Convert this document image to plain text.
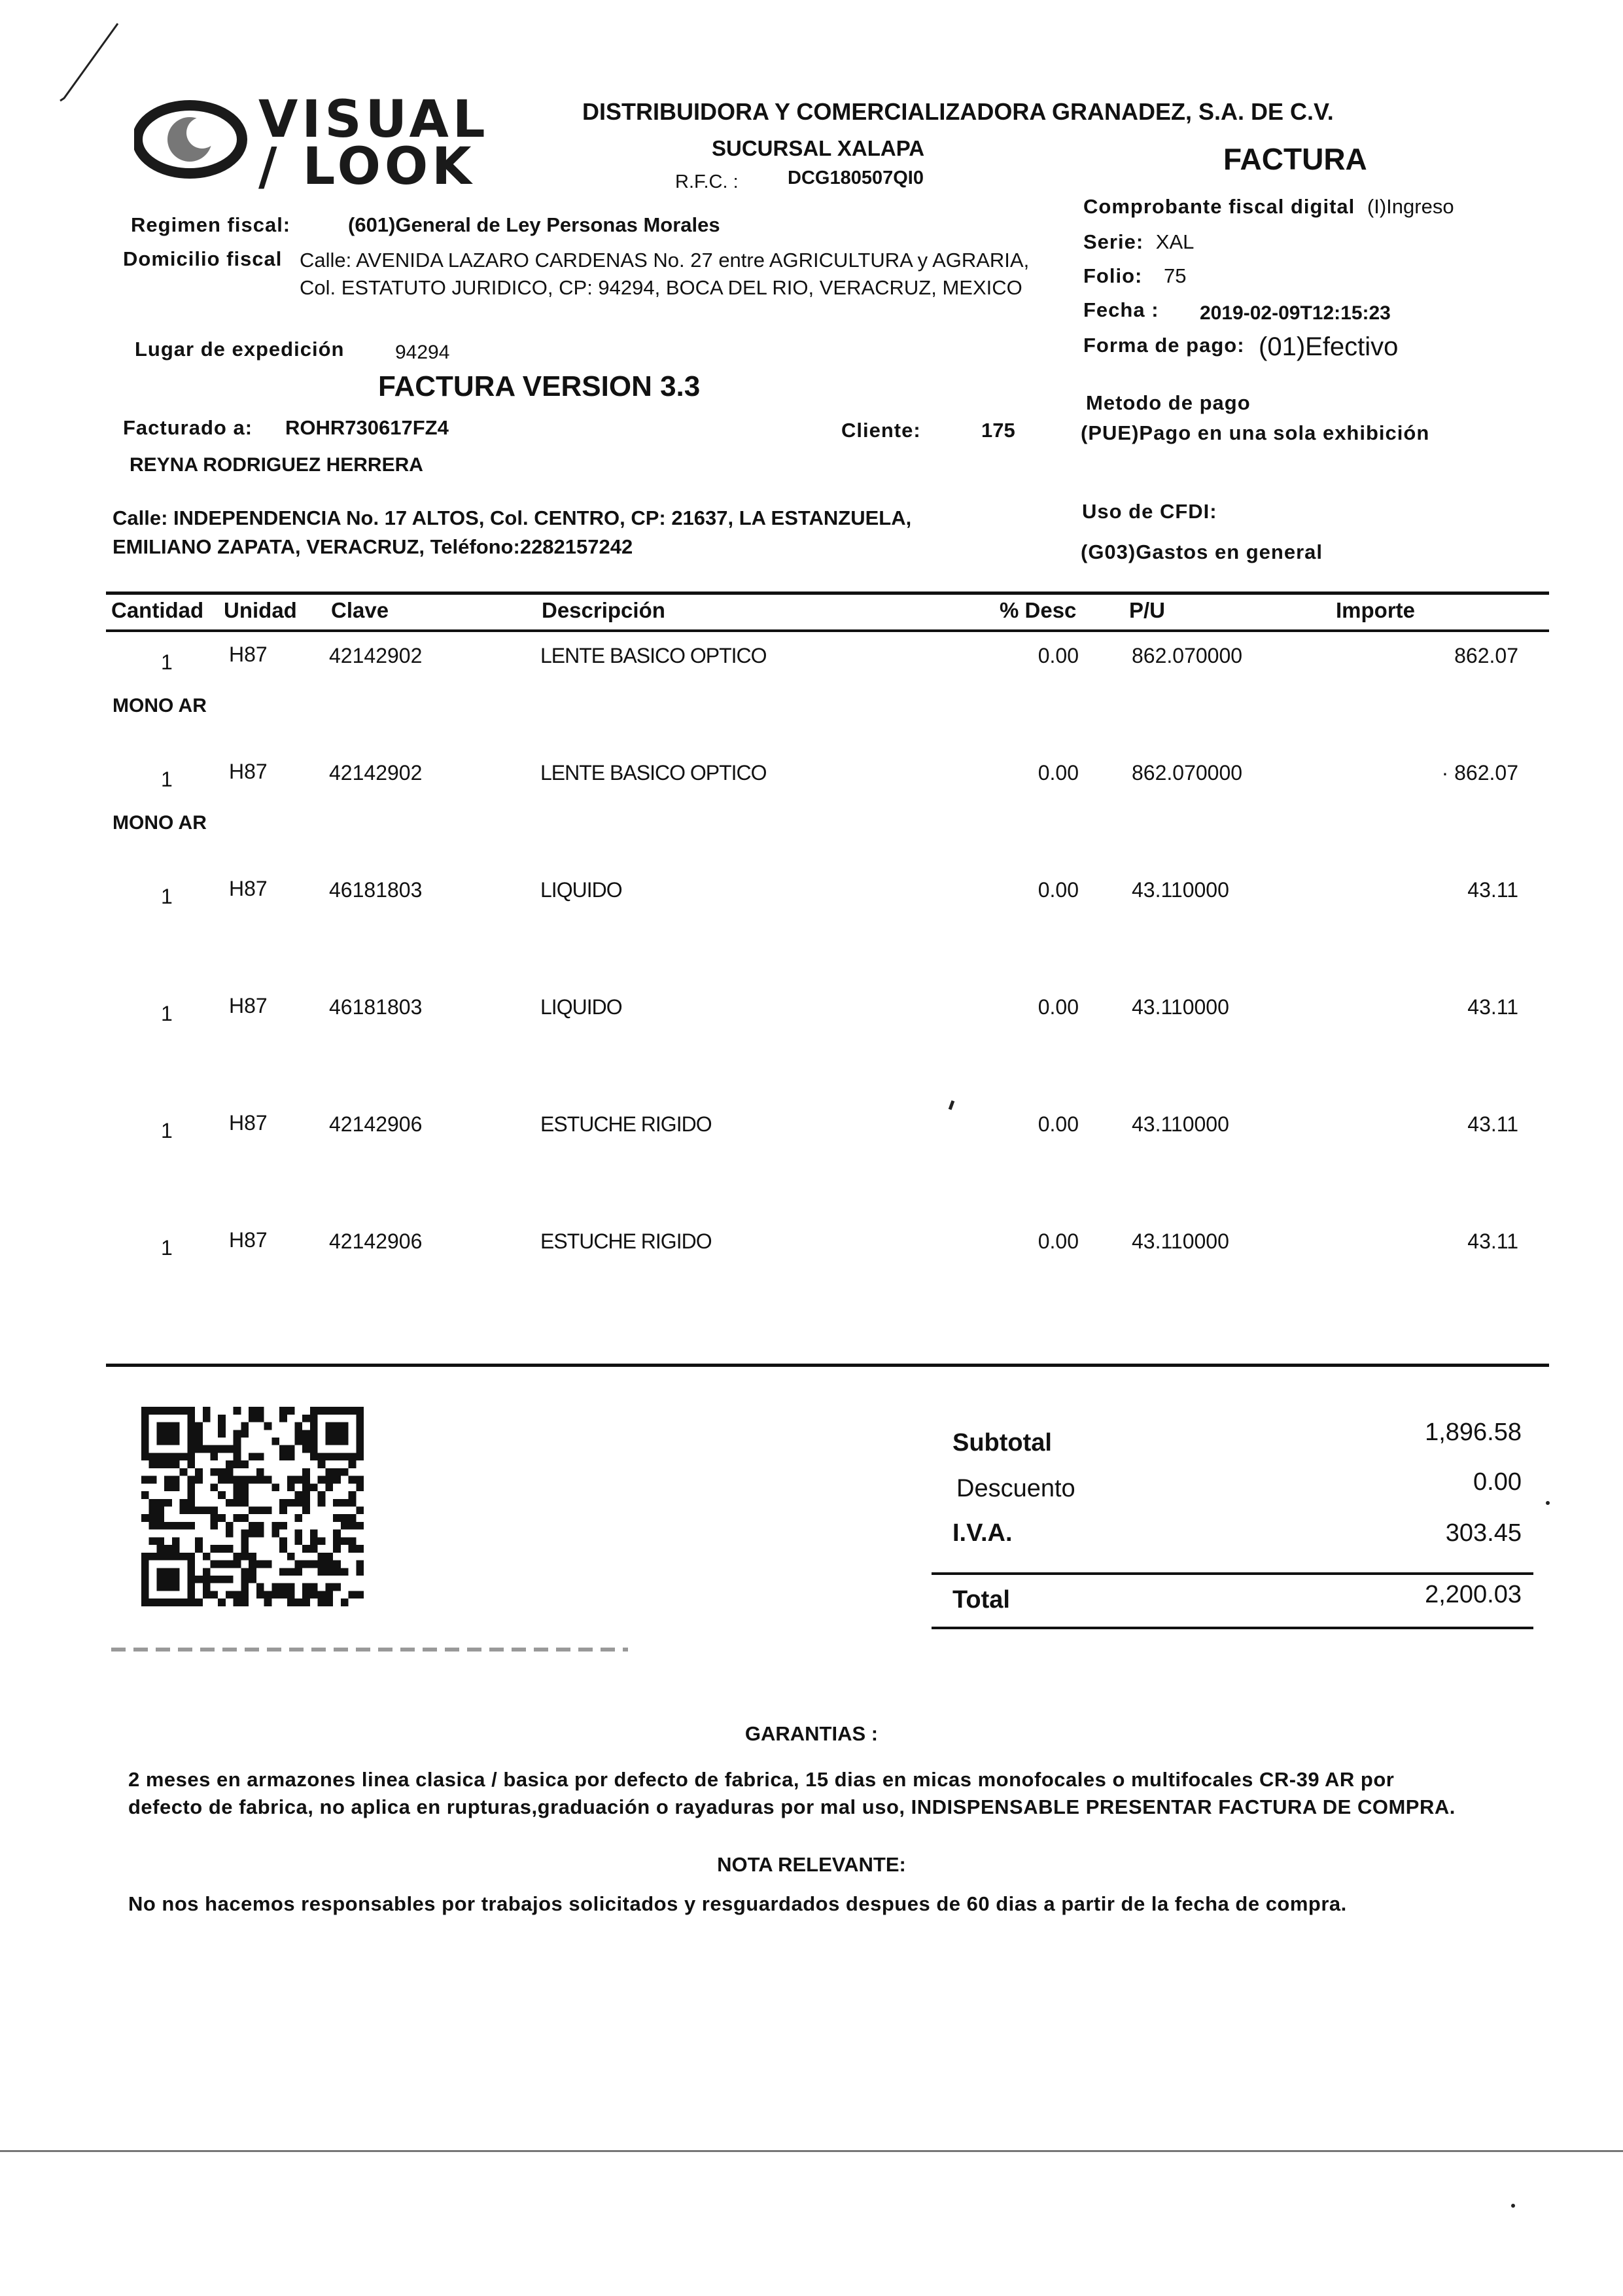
VISUAL
/ LOOK
DISTRIBUIDORA Y COMERCIALIZADORA GRANADEZ, S.A. DE C.V.
SUCURSAL XALAPA
R.F.C. :	DCG180507QI0
FACTURA
Comprobante fiscal digital (I)Ingreso
Serie: XAL
Folio: 75
Fecha : 2019-02-09T12:15:23
Forma de pago: (01)Efectivo
Metodo de pago
(PUE)Pago en una sola exhibición
Uso de CFDI:
(G03)Gastos en general
Regimen fiscal:	(601)General de Ley Personas Morales
Domicilio fiscal Calle: AVENIDA LAZARO CARDENAS No. 27 entre AGRICULTURA y AGRARIA,
Col. ESTATUTO JURIDICO, CP: 94294, BOCA DEL RIO, VERACRUZ, MEXICO
Lugar de expedición	94294
FACTURA VERSION 3.3
Facturado a: ROHR730617FZ4	Cliente:	175
REYNA RODRIGUEZ HERRERA
Calle: INDEPENDENCIA No. 17 ALTOS, Col. CENTRO, CP: 21637, LA ESTANZUELA,
EMILIANO ZAPATA, VERACRUZ, Teléfono:2282157242
Cantidad Unidad Clave	Descripción	% Desc P/U	Importe
1	H87	42142902	LENTE BASICO OPTICO	0.00	862.070000	862.07
MONO AR
1	H87	42142902	LENTE BASICO OPTICO	0.00	862.070000	· 862.07
MONO AR
1	H87	46181803	LIQUIDO	0.00	43.110000	43.11
1	H87	46181803	LIQUIDO	0.00	43.110000	43.11
1	H87	42142906	ESTUCHE RIGIDO	0.00	43.110000	43.11
1	H87	42142906	ESTUCHE RIGIDO	0.00	43.110000	43.11
Subtotal	1,896.58
Descuento	0.00
I.V.A.	303.45
Total	2,200.03
GARANTIAS :
2 meses en armazones linea clasica / basica por defecto de fabrica, 15 dias en micas monofocales o multifocales CR-39 AR por
defecto de fabrica, no aplica en rupturas,graduación o rayaduras por mal uso, INDISPENSABLE PRESENTAR FACTURA DE COMPRA.
NOTA RELEVANTE:
No nos hacemos responsables por trabajos solicitados y resguardados despues de 60 dias a partir de la fecha de compra.
